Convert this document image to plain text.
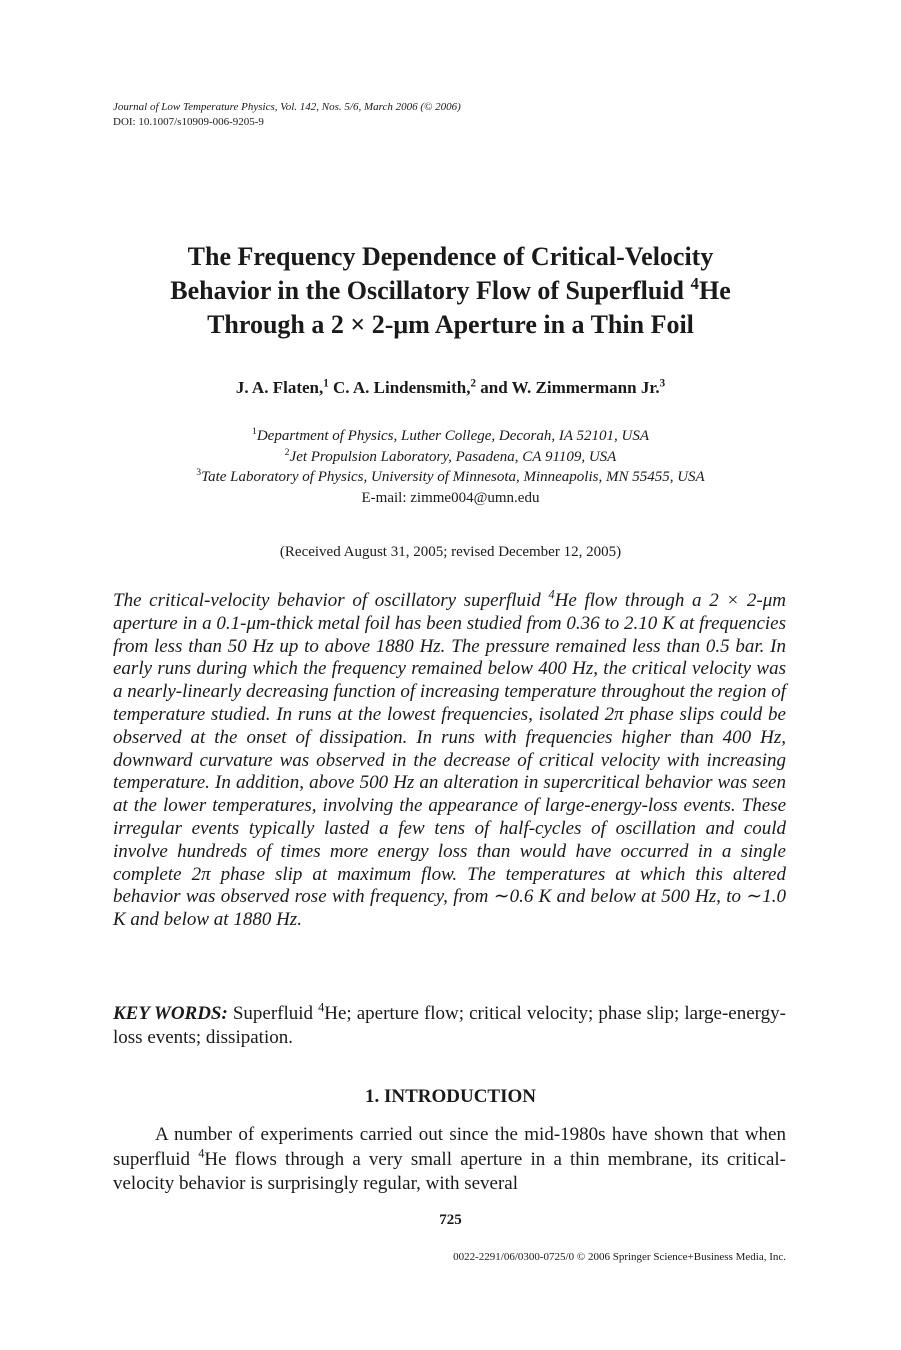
Journal of Low Temperature Physics, Vol. 142, Nos. 5/6, March 2006 (© 2006)
DOI: 10.1007/s10909-006-9205-9
The Frequency Dependence of Critical-Velocity
Behavior in the Oscillatory Flow of Superfluid $^4$He
Through a 2 × 2-μm Aperture in a Thin Foil
J. A. Flaten,$^1$ C. A. Lindensmith,$^2$ and W. Zimmermann Jr.$^3$
$^1$Department of Physics, Luther College, Decorah, IA 52101, USA
$^2$Jet Propulsion Laboratory, Pasadena, CA 91109, USA
$^3$Tate Laboratory of Physics, University of Minnesota, Minneapolis, MN 55455, USA
E-mail: zimme004@umn.edu
(Received August 31, 2005; revised December 12, 2005)
The critical-velocity behavior of oscillatory superfluid $^4$He flow through a 2 × 2-μm aperture in a 0.1-μm-thick metal foil has been studied from 0.36 to 2.10 K at frequencies from less than 50 Hz up to above 1880 Hz. The pressure remained less than 0.5 bar. In early runs during which the frequency remained below 400 Hz, the critical velocity was a nearly-linearly decreasing function of increasing temperature throughout the region of temperature studied. In runs at the lowest frequencies, isolated 2π phase slips could be observed at the onset of dissipation. In runs with frequencies higher than 400 Hz, downward curvature was observed in the decrease of critical velocity with increasing temperature. In addition, above 500 Hz an alteration in supercritical behavior was seen at the lower temperatures, involving the appearance of large-energy-loss events. These irregular events typically lasted a few tens of half-cycles of oscillation and could involve hundreds of times more energy loss than would have occurred in a single complete 2π phase slip at maximum flow. The temperatures at which this altered behavior was observed rose with frequency, from ∼0.6 K and below at 500 Hz, to ∼1.0 K and below at 1880 Hz.
KEY WORDS: Superfluid $^4$He; aperture flow; critical velocity; phase slip; large-energy-loss events; dissipation.
1. INTRODUCTION
A number of experiments carried out since the mid-1980s have shown that when superfluid $^4$He flows through a very small aperture in a thin membrane, its critical-velocity behavior is surprisingly regular, with several
725
0022-2291/06/0300-0725/0 © 2006 Springer Science+Business Media, Inc.
